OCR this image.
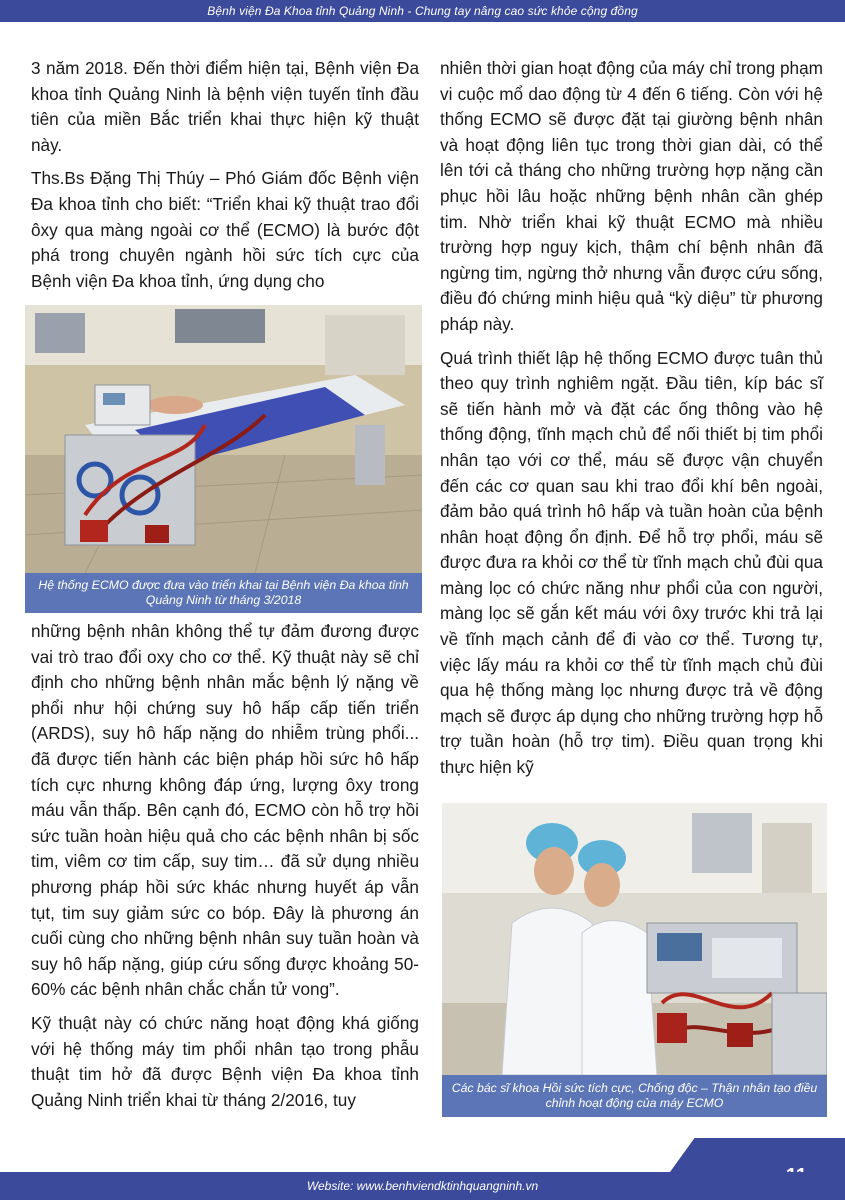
Bệnh viện Đa Khoa tỉnh Quảng Ninh - Chung tay nâng cao sức khỏe cộng đồng

3 năm 2018. Đến thời điểm hiện tại, Bệnh viện Đa khoa tỉnh Quảng Ninh là bệnh viện tuyến tỉnh đầu tiên của miền Bắc triển khai thực hiện kỹ thuật này.

Ths.Bs Đặng Thị Thúy – Phó Giám đốc Bệnh viện Đa khoa tỉnh cho biết: “Triển khai kỹ thuật trao đổi ôxy qua màng ngoài cơ thể (ECMO) là bước đột phá trong chuyên ngành hồi sức tích cực của Bệnh viện Đa khoa tỉnh, ứng dụng cho

Hệ thống ECMO được đưa vào triển khai tại Bệnh viện Đa khoa tỉnh Quảng Ninh từ tháng 3/2018

những bệnh nhân không thể tự đảm đương được vai trò trao đổi oxy cho cơ thể. Kỹ thuật này sẽ chỉ định cho những bệnh nhân mắc bệnh lý nặng về phổi như hội chứng suy hô hấp cấp tiến triển (ARDS), suy hô hấp nặng do nhiễm trùng phổi... đã được tiến hành các biện pháp hồi sức hô hấp tích cực nhưng không đáp ứng, lượng ôxy trong máu vẫn thấp. Bên cạnh đó, ECMO còn hỗ trợ hồi sức tuần hoàn hiệu quả cho các bệnh nhân bị sốc tim, viêm cơ tim cấp, suy tim… đã sử dụng nhiều phương pháp hồi sức khác nhưng huyết áp vẫn tụt, tim suy giảm sức co bóp. Đây là phương án cuối cùng cho những bệnh nhân suy tuần hoàn và suy hô hấp nặng, giúp cứu sống được khoảng 50-60% các bệnh nhân chắc chắn tử vong”.

Kỹ thuật này có chức năng hoạt động khá giống với hệ thống máy tim phổi nhân tạo trong phẫu thuật tim hở đã được Bệnh viện Đa khoa tỉnh Quảng Ninh triển khai từ tháng 2/2016, tuy

nhiên thời gian hoạt động của máy chỉ trong phạm vi cuộc mổ dao động từ 4 đến 6 tiếng. Còn với hệ thống ECMO sẽ được đặt tại giường bệnh nhân và hoạt động liên tục trong thời gian dài, có thể lên tới cả tháng cho những trường hợp nặng cần phục hồi lâu hoặc những bệnh nhân cần ghép tim. Nhờ triển khai kỹ thuật ECMO mà nhiều trường hợp nguy kịch, thậm chí bệnh nhân đã ngừng tim, ngừng thở nhưng vẫn được cứu sống, điều đó chứng minh hiệu quả “kỳ diệu” từ phương pháp này.

Quá trình thiết lập hệ thống ECMO được tuân thủ theo quy trình nghiêm ngặt. Đầu tiên, kíp bác sĩ sẽ tiến hành mở và đặt các ống thông vào hệ thống động, tĩnh mạch chủ để nối thiết bị tim phổi nhân tạo với cơ thể, máu sẽ được vận chuyển đến các cơ quan sau khi trao đổi khí bên ngoài, đảm bảo quá trình hô hấp và tuần hoàn của bệnh nhân hoạt động ổn định. Để hỗ trợ phổi, máu sẽ được đưa ra khỏi cơ thể từ tĩnh mạch chủ đùi qua màng lọc có chức năng như phổi của con người, màng lọc sẽ gắn kết máu với ôxy trước khi trả lại về tĩnh mạch cảnh để đi vào cơ thể. Tương tự, việc lấy máu ra khỏi cơ thể từ tĩnh mạch chủ đùi qua hệ thống màng lọc nhưng được trả về động mạch sẽ được áp dụng cho những trường hợp hỗ trợ tuần hoàn (hỗ trợ tim). Điều quan trọng khi thực hiện kỹ

Các bác sĩ khoa Hồi sức tích cực, Chống độc – Thận nhân tạo điều chỉnh hoạt động của máy ECMO
Website: www.benhviendktinhquangninh.vn
